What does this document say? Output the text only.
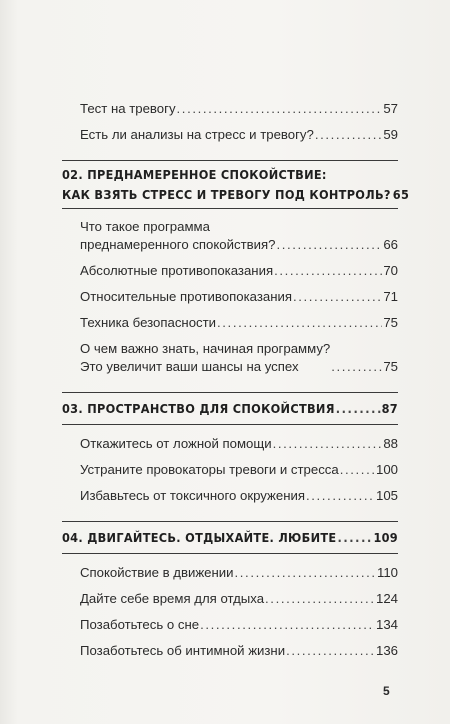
Тест на тревогу .....	57
Есть ли анализы на стресс и тревогу? .....	59
02. ПРЕДНАМЕРЕННОЕ СПОКОЙСТВИЕ:
КАК ВЗЯТЬ СТРЕСС И ТРЕВОГУ ПОД КОНТРОЛЬ? 65
Что такое программа
преднамеренного спокойствия? .....	66
Абсолютные противопоказания .....	70
Относительные противопоказания .....	71
Техника безопасности .....	75
О чем важно знать, начиная программу?
Это увеличит ваши шансы на успех .....	75
03. ПРОСТРАНСТВО ДЛЯ СПОКОЙСТВИЯ .....	87
Откажитесь от ложной помощи .....	88
Устраните провокаторы тревоги и стресса .....	100
Избавьтесь от токсичного окружения .....	105
04. ДВИГАЙТЕСЬ. ОТДЫХАЙТЕ. ЛЮБИТЕ .....	109
Спокойствие в движении .....	110
Дайте себе время для отдыха .....	124
Позаботьтесь о сне .....	134
Позаботьтесь об интимной жизни .....	136
5
